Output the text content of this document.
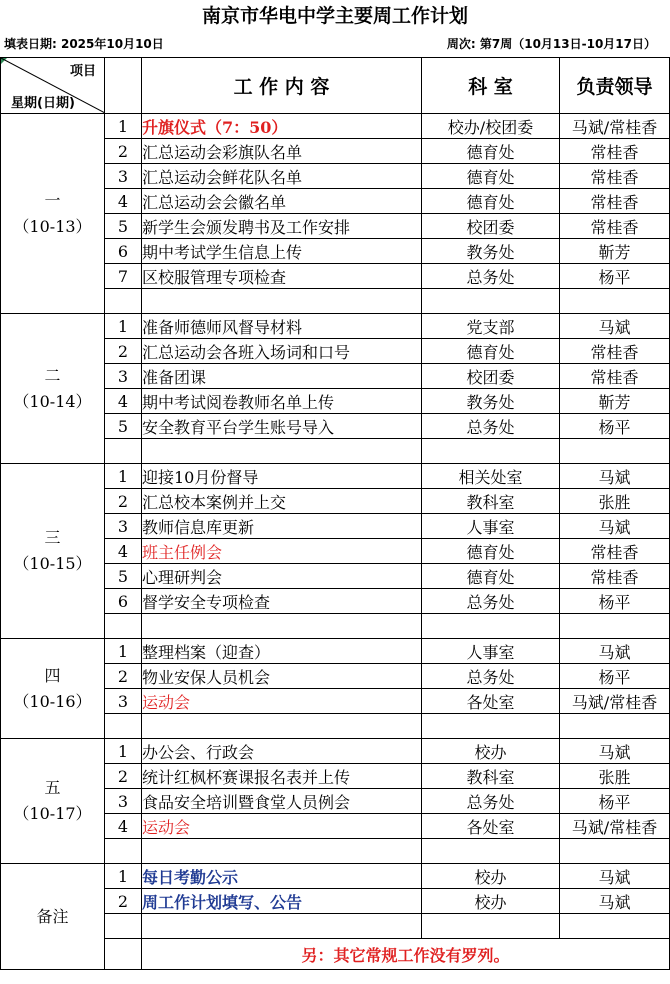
南京市华电中学主要周工作计划
填表日期: 2025年10月10日	周次: 第7周（10月13日-10月17日）
项目
星期(日期)		工 作 内 容	科 室	负责领导

一
（10-13）	1	升旗仪式（7：50）	校办/校团委	马斌/常桂香
	2	汇总运动会彩旗队名单	德育处	常桂香
	3	汇总运动会鲜花队名单	德育处	常桂香
	4	汇总运动会会徽名单	德育处	常桂香
	5	新学生会颁发聘书及工作安排	校团委	常桂香
	6	期中考试学生信息上传	教务处	靳芳
	7	区校服管理专项检查	总务处	杨平

二
（10-14）	1	准备师德师风督导材料	党支部	马斌
	2	汇总运动会各班入场词和口号	德育处	常桂香
	3	准备团课	校团委	常桂香
	4	期中考试阅卷教师名单上传	教务处	靳芳
	5	安全教育平台学生账号导入	总务处	杨平

三
（10-15）	1	迎接10月份督导	相关处室	马斌
	2	汇总校本案例并上交	教科室	张胜
	3	教师信息库更新	人事室	马斌
	4	班主任例会	德育处	常桂香
	5	心理研判会	德育处	常桂香
	6	督学安全专项检查	总务处	杨平

四
（10-16）	1	整理档案（迎查）	人事室	马斌
	2	物业安保人员机会	总务处	杨平
	3	运动会	各处室	马斌/常桂香

五
（10-17）	1	办公会、行政会	校办	马斌
	2	统计红枫杯赛课报名表并上传	教科室	张胜
	3	食品安全培训暨食堂人员例会	总务处	杨平
	4	运动会	各处室	马斌/常桂香

备注	1	每日考勤公示	校办	马斌
	2	周工作计划填写、公告	校办	马斌

		另：其它常规工作没有罗列。		
